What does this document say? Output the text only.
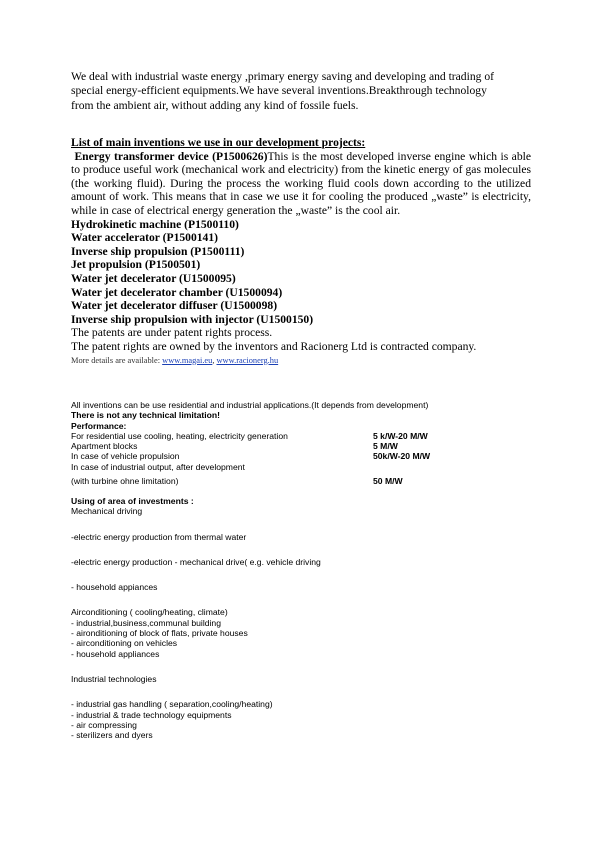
We deal with industrial waste energy ,primary energy saving and developing and trading of
special energy-efficient equipments.We have several inventions.Breakthrough technology
from the ambient air, without adding any kind of fossile fuels.
List of main inventions we use in our development projects:
Energy transformer device (P1500626)This is the most developed inverse engine which is able to produce useful work (mechanical work and electricity) from the kinetic energy of gas molecules (the working fluid). During the process the working fluid cools down according to the utilized amount of work. This means that in case we use it for cooling the produced „waste” is electricity, while in case of electrical energy generation the „waste” is the cool air.
Hydrokinetic machine (P1500110)
Water accelerator (P1500141)
Inverse ship propulsion (P1500111)
Jet propulsion (P1500501)
Water jet decelerator (U1500095)
Water jet decelerator chamber (U1500094)
Water jet decelerator diffuser (U1500098)
Inverse ship propulsion with injector (U1500150)
The patents are under patent rights process.
The patent rights are owned by the inventors and Racionerg Ltd is contracted company.
More details are available: www.magai.eu, www.racionerg.hu
All inventions can be use residential and industrial applications.(It depends from development)
There is not any technical limitation!
Performance:
For residential use cooling, heating, electricity generation	5 k/W-20 M/W
Apartment blocks	5 M/W
In case of vehicle propulsion	50k/W-20 M/W
In case of industrial output, after development
(with turbine ohne limitation)	50 M/W
Using of area of investments :
Mechanical driving
-electric energy production from thermal water
-electric energy production - mechanical drive( e.g. vehicle driving
- household appiances
Airconditioning ( cooling/heating, climate)
- industrial,business,communal building
- aironditioning of block of flats, private houses
- airconditioning on vehicles
- household appliances
Industrial technologies
- industrial gas handling ( separation,cooling/heating)
- industrial & trade technology equipments
- air compressing
- sterilizers and dyers
